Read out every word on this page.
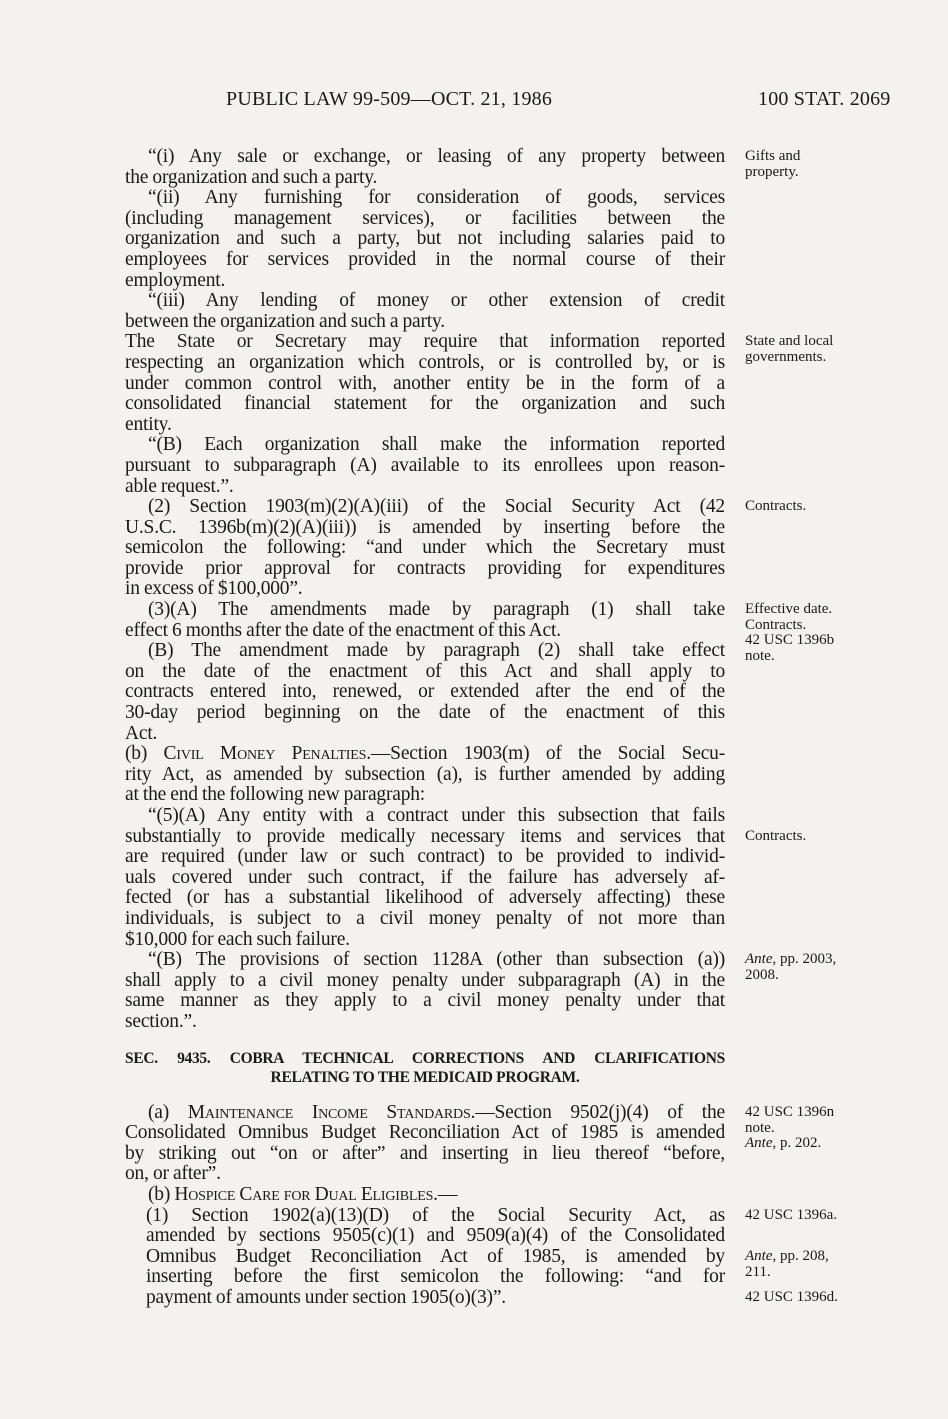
PUBLIC LAW 99-509—OCT. 21, 1986	100 STAT. 2069
“(i) Any sale or exchange, or leasing of any property between
the organization and such a party.
“(ii) Any furnishing for consideration of goods, services
(including management services), or facilities between the
organization and such a party, but not including salaries paid to
employees for services provided in the normal course of their
employment.
“(iii) Any lending of money or other extension of credit
between the organization and such a party.
The State or Secretary may require that information reported
respecting an organization which controls, or is controlled by, or is
under common control with, another entity be in the form of a
consolidated financial statement for the organization and such
entity.
“(B) Each organization shall make the information reported
pursuant to subparagraph (A) available to its enrollees upon reason-
able request.”.
(2) Section 1903(m)(2)(A)(iii) of the Social Security Act (42
U.S.C. 1396b(m)(2)(A)(iii)) is amended by inserting before the
semicolon the following: “and under which the Secretary must
provide prior approval for contracts providing for expenditures
in excess of $100,000”.
(3)(A) The amendments made by paragraph (1) shall take
effect 6 months after the date of the enactment of this Act.
(B) The amendment made by paragraph (2) shall take effect
on the date of the enactment of this Act and shall apply to
contracts entered into, renewed, or extended after the end of the
30-day period beginning on the date of the enactment of this
Act.
(b) Civil Money Penalties.—Section 1903(m) of the Social Secu-
rity Act, as amended by subsection (a), is further amended by adding
at the end the following new paragraph:
“(5)(A) Any entity with a contract under this subsection that fails
substantially to provide medically necessary items and services that
are required (under law or such contract) to be provided to individ-
uals covered under such contract, if the failure has adversely af-
fected (or has a substantial likelihood of adversely affecting) these
individuals, is subject to a civil money penalty of not more than
$10,000 for each such failure.
“(B) The provisions of section 1128A (other than subsection (a))
shall apply to a civil money penalty under subparagraph (A) in the
same manner as they apply to a civil money penalty under that
section.”.
SEC. 9435. COBRA TECHNICAL CORRECTIONS AND CLARIFICATIONS
RELATING TO THE MEDICAID PROGRAM.
(a) Maintenance Income Standards.—Section 9502(j)(4) of the
Consolidated Omnibus Budget Reconciliation Act of 1985 is amended
by striking out “on or after” and inserting in lieu thereof “before,
on, or after”.
(b) Hospice Care for Dual Eligibles.—
(1) Section 1902(a)(13)(D) of the Social Security Act, as
amended by sections 9505(c)(1) and 9509(a)(4) of the Consolidated
Omnibus Budget Reconciliation Act of 1985, is amended by
inserting before the first semicolon the following: “and for
payment of amounts under section 1905(o)(3)”.
Gifts and
property.
State and local
governments.
Contracts.
Effective date.
Contracts.
42 USC 1396b
note.
Contracts.
Ante, pp. 2003,
2008.
42 USC 1396n
note.
Ante, p. 202.
42 USC 1396a.
Ante, pp. 208,
211.
42 USC 1396d.
